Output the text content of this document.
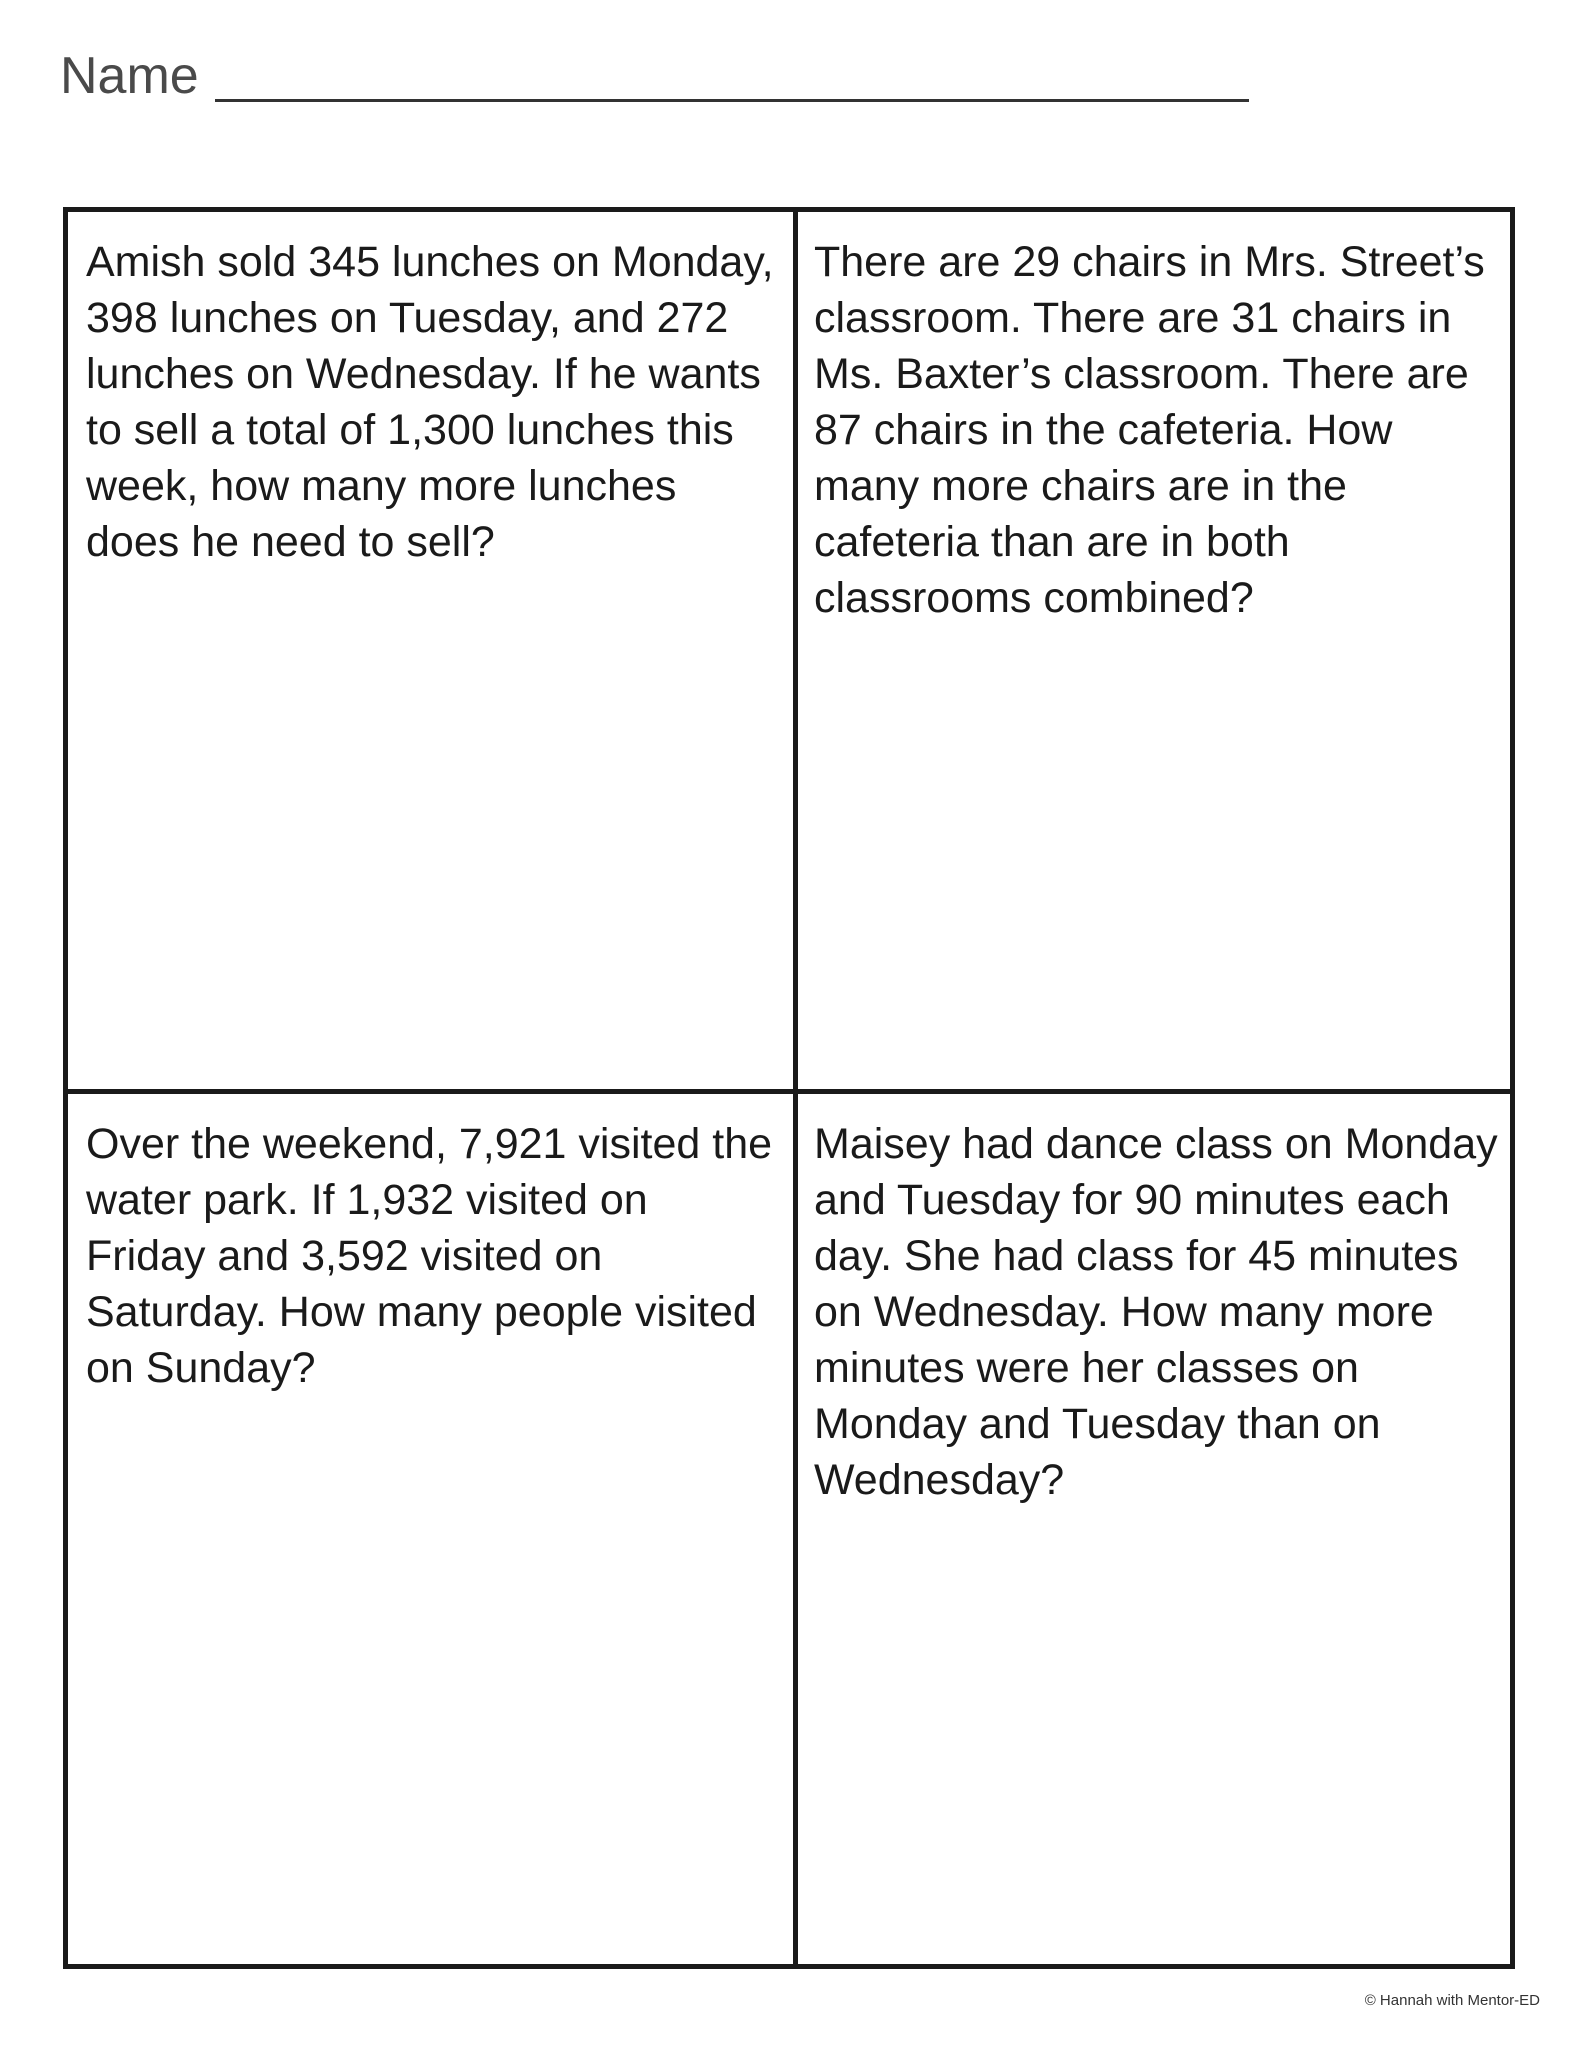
Name
Amish sold 345 lunches on Monday, 398 lunches on Tuesday, and 272 lunches on Wednesday. If he wants to sell a total of 1,300 lunches this week, how many more lunches does he need to sell?
There are 29 chairs in Mrs. Street’s classroom. There are 31 chairs in Ms. Baxter’s classroom. There are 87 chairs in the cafeteria. How many more chairs are in the cafeteria than are in both classrooms combined?
Over the weekend, 7,921 visited the water park. If 1,932 visited on Friday and 3,592 visited on Saturday. How many people visited on Sunday?
Maisey had dance class on Monday and Tuesday for 90 minutes each day. She had class for 45 minutes on Wednesday. How many more minutes were her classes on Monday and Tuesday than on Wednesday?
© Hannah with Mentor-ED
